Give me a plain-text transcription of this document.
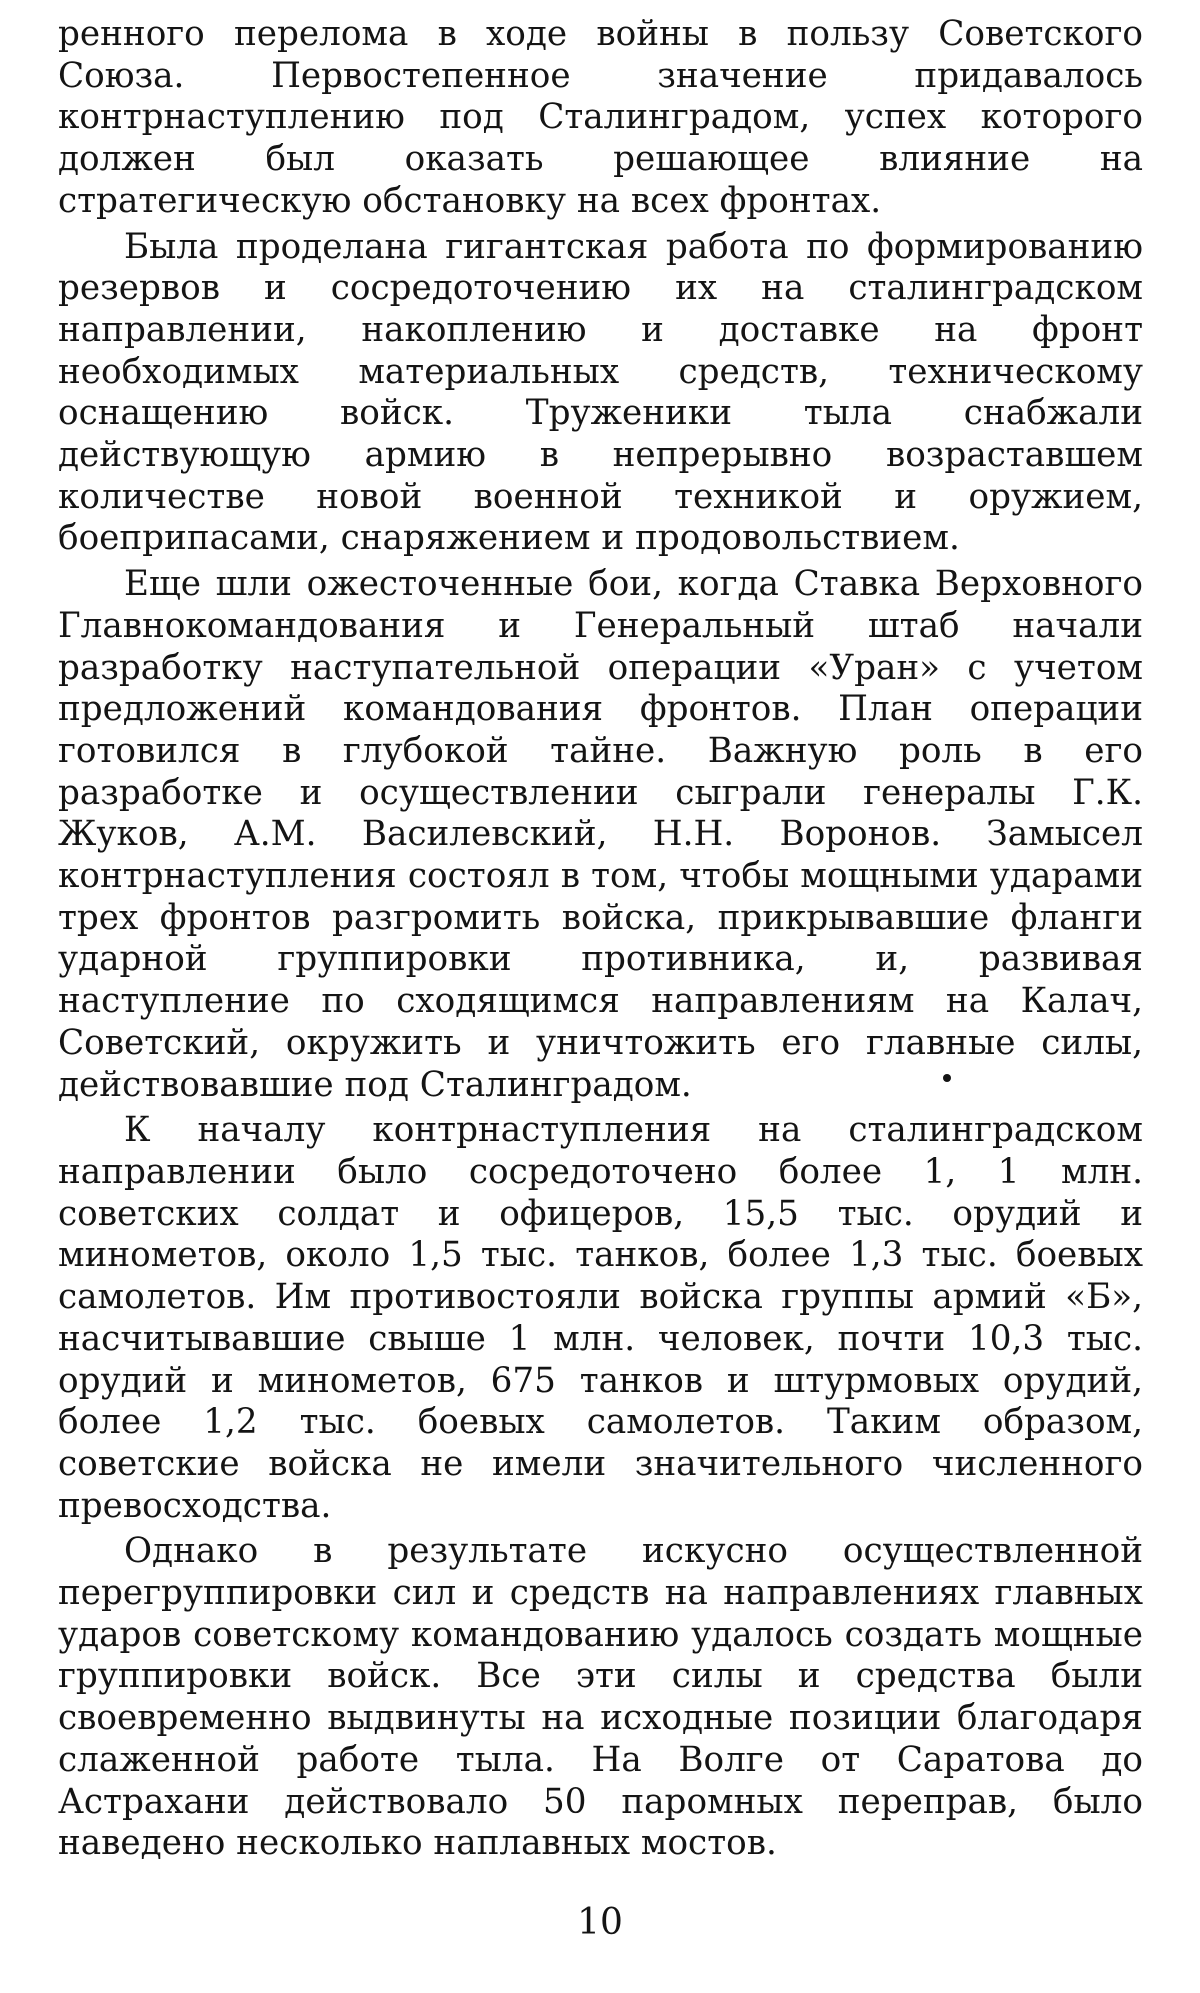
ренного перелома в ходе войны в пользу Советского Союза. Первостепенное значение придавалось контрнаступлению под Сталинградом, успех которого должен был оказать решающее влияние на стратегическую обстановку на всех фронтах.

Была проделана гигантская работа по формированию резервов и сосредоточению их на сталинградском направлении, накоплению и доставке на фронт необходимых материальных средств, техническому оснащению войск. Труженики тыла снабжали действующую армию в непрерывно возраставшем количестве новой военной техникой и оружием, боеприпасами, снаряжением и продовольствием.

Еще шли ожесточенные бои, когда Ставка Верховного Главнокомандования и Генеральный штаб начали разработку наступательной операции «Уран» с учетом предложений командования фронтов. План операции готовился в глубокой тайне. Важную роль в его разработке и осуществлении сыграли генералы Г.К. Жуков, А.М. Василевский, Н.Н. Воронов. Замысел контрнаступления состоял в том, чтобы мощными ударами трех фронтов разгромить войска, прикрывавшие фланги ударной группировки противника, и, развивая наступление по сходящимся направлениям на Калач, Советский, окружить и уничтожить его главные силы, действовавшие под Сталинградом.

К началу контрнаступления на сталинградском направлении было сосредоточено более 1, 1 млн. советских солдат и офицеров, 15,5 тыс. орудий и минометов, около 1,5 тыс. танков, более 1,3 тыс. боевых самолетов. Им противостояли войска группы армий «Б», насчитывавшие свыше 1 млн. человек, почти 10,3 тыс. орудий и минометов, 675 танков и штурмовых орудий, более 1,2 тыс. боевых самолетов. Таким образом, советские войска не имели значительного численного превосходства.

Однако в результате искусно осуществленной перегруппировки сил и средств на направлениях главных ударов советскому командованию удалось создать мощные группировки войск. Все эти силы и средства были своевременно выдвинуты на исходные позиции благодаря слаженной работе тыла. На Волге от Саратова до Астрахани действовало 50 паромных переправ, было наведено несколько наплавных мостов.

10
